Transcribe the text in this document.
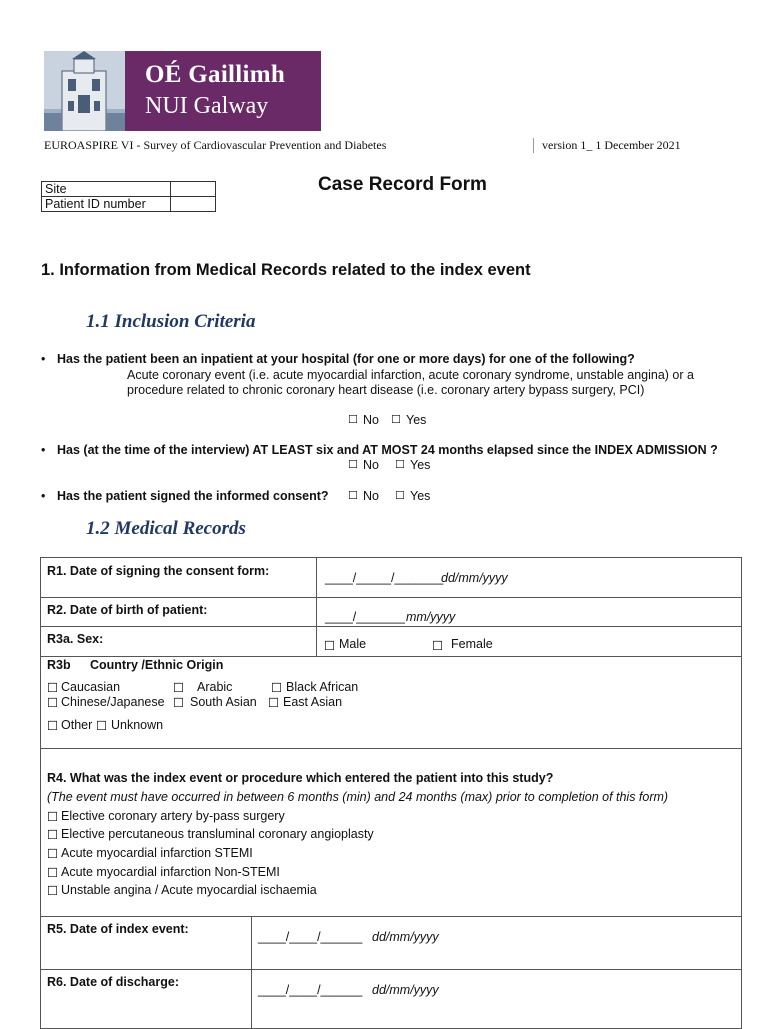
OÉ Gaillimh
NUI Galway
EUROASPIRE VI - Survey of Cardiovascular Prevention and Diabetes	version 1_ 1 December 2021
Site	
Patient ID number	
Case Record Form
1. Information from Medical Records related to the index event
1.1 Inclusion Criteria
• Has the patient been an inpatient at your hospital (for one or more days) for one of the following?
Acute coronary event (i.e. acute myocardial infarction, acute coronary syndrome, unstable angina) or a
procedure related to chronic coronary heart disease (i.e. coronary artery bypass surgery, PCI)
☐ No ☐ Yes
• Has (at the time of the interview) AT LEAST six and AT MOST 24 months elapsed since the INDEX ADMISSION ?
☐ No ☐ Yes
• Has the patient signed the informed consent? ☐ No ☐ Yes
1.2 Medical Records
R1. Date of signing the consent form:	____/_____/_______
dd/mm/yyyy
R2. Date of birth of patient:	____/_______ mm/yyyy
R3a. Sex:	☐ Male	☐ Female
R3b Country /Ethnic Origin
☐ Caucasian	☐ Arabic	☐ Black African
☐ Chinese/Japanese ☐ South Asian ☐ East Asian
☐ Other ☐ Unknown
R4. What was the index event or procedure which entered the patient into this study?
(The event must have occurred in between 6 months (min) and 24 months (max) prior to completion of this form)
☐ Elective coronary artery by-pass surgery
☐ Elective percutaneous transluminal coronary angioplasty
☐ Acute myocardial infarction STEMI
☐ Acute myocardial infarction Non-STEMI
☐ Unstable angina / Acute myocardial ischaemia
R5. Date of index event:
____/____/______ dd/mm/yyyy
R6. Date of discharge:
____/____/______ dd/mm/yyyy
